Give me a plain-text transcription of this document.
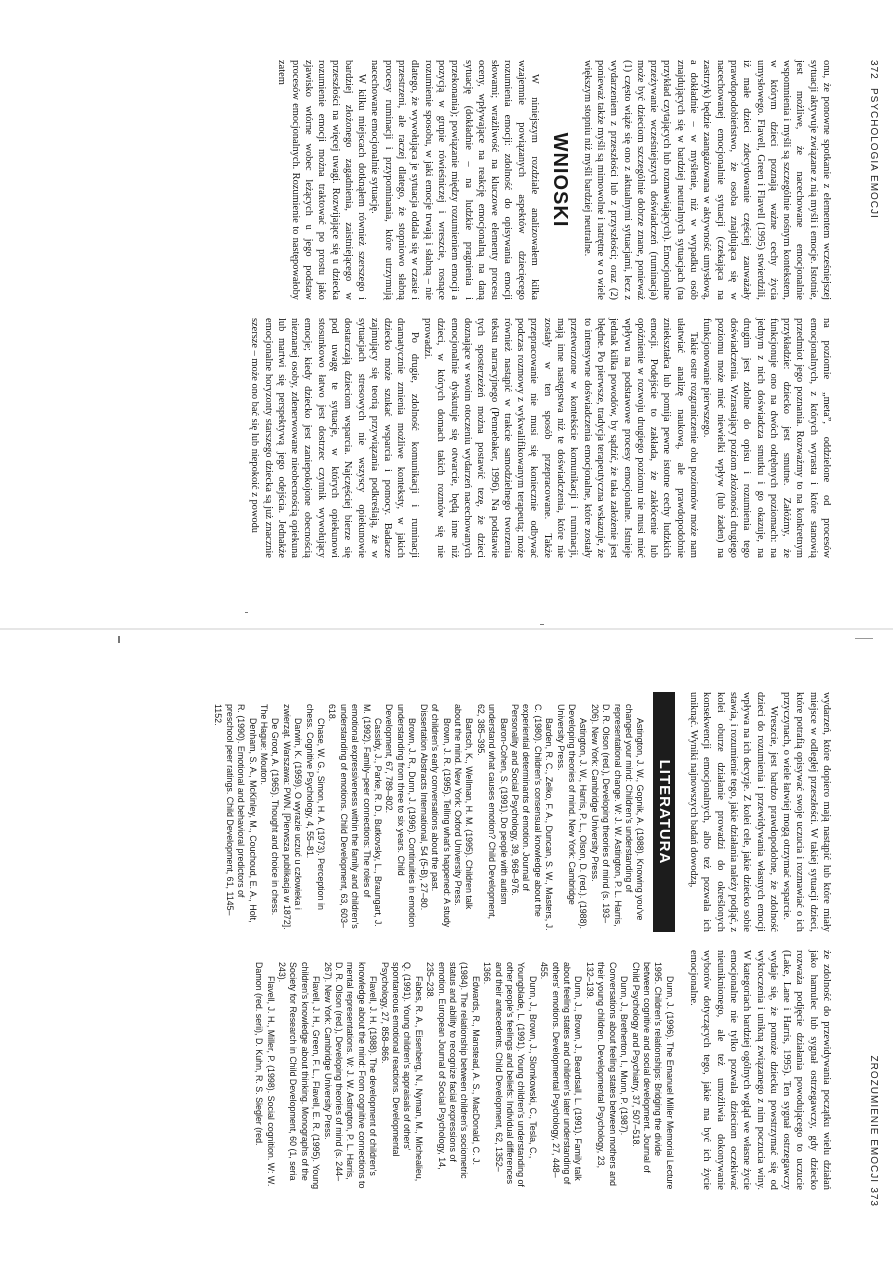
372
PSYCHOLOGIA EMOCJI

onu, że ponowne spotkanie z elementem wcześniejszej sytuacji aktywuje związane z nią myśli i emocje. Istotnie, jest możliwe, że nacechowane emocjonalnie wspomnienia i myśli są szczególnie nośnym kontekstem, w którym dzieci poznają ważne cechy życia umysłowego. Flavell, Green i Flavell (1995) stwierdzili, iż małe dzieci zdecydowanie częściej zauważały prawdopodobieństwo, że osoba znajdująca się w nacechowanej emocjonalnie sytuacji (czekająca na zastrzyk) będzie zaangażowana w aktywność umysłową, a dokładnie – w myślenie, niż w wypadku osób znajdujących się w bardziej neutralnych sytuacjach (na przykład czytających lub rozmawiających). Emocjonalne przeżywanie wcześniejszych doświadczeń (ruminacja) może być dzieciom szczególnie dobrze znane, ponieważ (1) często wiąże się ono z aktualnymi sytuacjami, lecz z wydarzeniem z przeszłości lub z przyszłości; oraz (2) ponieważ także myśli są mimowolne i natrętne w o wiele większym stopniu niż myśli bardziej neutralne.

WNIOSKI

W niniejszym rozdziale analizowałem kilka wzajemnie powiązanych aspektów dziecięcego rozumienia emocji: zdolność do opisywania emocji słowami; wrażliwość na kluczowe elementy procesu oceny, wpływające na reakcję emocjonalną na daną sytuację (dokładnie – na ludzkie pragnienia i przekonania); powiązanie między rozumieniem emocji a pozycją w grupie rówieśniczej i wreszcie, rosnące rozumienie sposobu, w jaki emocje trwają i słabną – nie dlatego, że wywołująca je sytuacja oddala się w czasie i przestrzeni, ale raczej dlatego, że stopniowo słabną procesy ruminacji i przypominania, które utrzymują nacechowane emocjonalnie sytuację.

W kilku miejscach dotknąłem również szerszego i bardziej złożonego zagadnienia, zaistniejącego w przeszłości na więcej uwagi. Rozwijające się u dziecka rozumienie emocji można traktować po prostu jako zjawisko wtórne wobec leżących u jego podstaw procesów emocjonalnych. Rozumienie to następowałoby zatem

na poziomie „meta”, oddzielone od procesów emocjonalnych, z których wyrasta i które stanowią przedmiot jego poznania. Rozważmy to na konkretnym przykładzie: dziecko jest smutne. Załóżmy, że funkcjonuje ono na dwóch odrębnych poziomach: na jednym z nich doświadcza smutku i go okazuje, na drugim jest zdolne do opisu i rozumienia tego doświadczenia. Wzrastający poziom złożoności drugiego poziomu może mieć niewielki wpływ (lub żaden) na funkcjonowanie pierwszego.

Takie ostre rozgraniczenie obu poziomów może nam ułatwiać analizę naukową, ale prawdopodobnie zniekształca lub pomija pewne istotne cechy ludzkich emocji. Podejście to zakłada, że zakłócenie lub opóźnienie w rozwoju drugiego poziomu nie musi mieć wpływu na podstawowe procesy emocjonalne. Istnieje jednak kilka powodów, by sądzić, że taka założenie jest błędne. Po pierwsze, tradycja terapeutyczna wskazuje, że to intensywne doświadczenia emocjonalne, które zostały przetworzone w kontekście komunikacji i ruminacji, mają inne następstwa niż te doświadczenia, które nie zostały w ten sposób przepracowane. Także przepracowanie nie musi się koniecznie odbywać podczas rozmowy z wykwalifikowanym terapeutą; może również nastąpić w trakcie samodzielnego tworzenia tekstu narracyjnego (Pennebaker, 1996). Na podstawie tych sposterzeżeń można postawić tezę, że dzieci doznające w swoim otoczeniu wydarzeń nacechowanych emocjonalnie dyskutuje się otwarcie, będą inne niż dzieci, w których domach takich rozmów się nie prowadzi.

Po drugie, zdolność komunikacji i ruminacji dramatycznie zmienia możliwe konteksty, w jakich dziecko może szukać wsparcia i pomocy. Badacze zajmujący się teorią przywiązania podkreślają, że w sytuacjach stresowych nie wszyscy opiekunowie dostarczają dzieciom wsparcia. Najczęściej bierze się pod uwagę te sytuacje, w których opiekunowi stosunkowo łatwo jest dostrzec czynnik wywołujący emocje; kiedy dziecko jest zaniepokojone obecnością nieznanej osoby, zdenerwowane nieobecnością opiekuna lub martwi się perspektywą jego odejścia. Jednakże emocjonalne horyzonty starszego dziecka są już znacznie szersze – może ono bać się lub niepokoić z powodu

ZROZUMIENIE EMOCJI
373

wydarzeń, które dopiero mają nastąpić lub które miały miejsce w odległej przeszłości. W takiej sytuacji dzieci, które potrafią opisywać swoje uczucia i rozmawiać o ich przyczynach, o wiele łatwiej mogą otrzymać wsparcie.

Wreszcie, jest bardzo prawdopodobne, że zdolność dzieci do rozumienia i przewidywania własnych emocji wpływa na ich decyzje. Z kolei cele, jakie dziecko sobie stawia, i rozumienie tego, jakie działania należy podjąć, z kolei oburze działanie prowadzi do określonych konsekwencji emocjonalnych, albo też pozwala ich uniknąć. Wyniki najnowszych badań dowodzą,

LITERATURA

Astington, J. W., Gopnik, A. (1988). Knowing you've changed your mind: Children's understanding of representational change. W: J. W. Astington, P. L. Harris, D. R. Olson (red.), Developing theories of mind (s. 193–206). New York: Cambridge University Press.

Astington, J. W., Harris, P. L., Olson, D. (red.). (1988). Developing theories of mind. New York: Cambridge University Press.

Barden, R. C., Zelko, F. A., Duncan, S. W., Masters, J. C. (1980). Children's consensual knowledge about the experiential determinants of emotion. Journal of Personality and Social Psychology, 39, 968–976.

Baron-Cohen, S. (1991). Do people with autism understand what causes emotion? Child Development, 62, 385–395.

Bartsch, K., Wellman, H. M. (1995). Children talk about the mind. New York: Oxford University Press.

Brown, J. R. (1995). Telling what's happened: A study of children's early conversations about the past. Dissertation Abstracts International, 54 (5-B), 27–80.

Brown, J. R., Dunn, J. (1996). Continuities in emotion understanding from three to six years. Child Development, 67, 789–802.

Cassidy, J., Parke, R. D., Butkovsky, L., Braungart, J. M. (1992). Family–peer connections: The roles of emotional expressiveness within the family and children's understanding of emotions. Child Development, 63, 603–618.

Chase, W. G., Simon, H. A. (1973). Perception in chess. Cognitive Psychology, 4, 55–81.

Darwin, K. (1959). O wyrazie uczuć u człowieka i zwierząt. Warszawa: PWN. [Pierwsza publikacja w 1872].

De Groot, A. (1965). Thought and choice in chess. The Hague: Mouton.

Denham, S. A., McKinley, M., Couchoud, E. A., Holt, R. (1990). Emotional and behavioral predictors of preschool peer ratings. Child Development, 61, 1145–1152.

że zdolność do przewidywania początku wielu działań jako hamulec lub sygnał ostrzegawczy, gdy dziecko rozważa podjęcie działania powodującego to uczucie (Lake, Lane i Harris, 1995). Ten sygnał ostrzegawczy wydaje się, że pomoże dziecku powstrzymać się od wykroczenia i unikną związanego z nim poczucia winy. W kategoriach bardziej ogólnych wgląd we własne życie emocjonalne nie tylko pozwala dzieciom oczekiwać nieuniknionego, ale też umożliwia dokonywanie wyborów dotyczących tego, jakie ma być ich życie emocjonalne.

Dunn, J. (1996). The Emanuel Miller Memorial Lecture 1995. Children's relationships: Bridging the divide between cognitive and social development. Journal of Child Psychology and Psychiatry, 37, 507–518.

Dunn, J., Bretherton, I., Munn, P. (1987). Conversations about feeling states between mothers and their young children. Developmental Psychology, 23, 132–139.

Dunn, J., Brown, J., Beardsall, L. (1991). Family talk about feeling states and children's later understanding of others' emotions. Developmental Psychology, 27, 448–455.

Dunn, J., Brown, J., Slomkowski, C., Tesla, C., Youngblade, L. (1991). Young children's understanding of other people's feelings and beliefs: Individual differences and their antecedents. Child Development, 62, 1352–1366.

Edwards, R., Manstead, A. S., MacDonald, C. J. (1984). The relationship between children's sociometric status and ability to recognize facial expressions of emotion. European Journal of Social Psychology, 14, 235–238.

Fabes, R. A., Eisenberg, N., Nyman, M., Michealieu, Q. (1991). Young children's appraisals of others' spontaneous emotional reactions. Developmental Psychology, 27, 858–866.

Flavell, J. H. (1988). The development of children's knowledge about the mind: From cognitive connections to mental representations. W: J. W. Astington, P. L. Harris, D. R. Olson (red.), Developing theories of mind (s. 244–267). New York: Cambridge University Press.

Flavell, J. H., Green, F. L., Flavell, E. R. (1995). Young children's knowledge about thinking. Monographs of the Society for Research in Child Development, 60 (1, seria 243).

Flavell, J. H., Miller, P. (1998). Social cognition. W: W. Damon (red. serii), D. Kuhn, R. S. Siegler (red.
